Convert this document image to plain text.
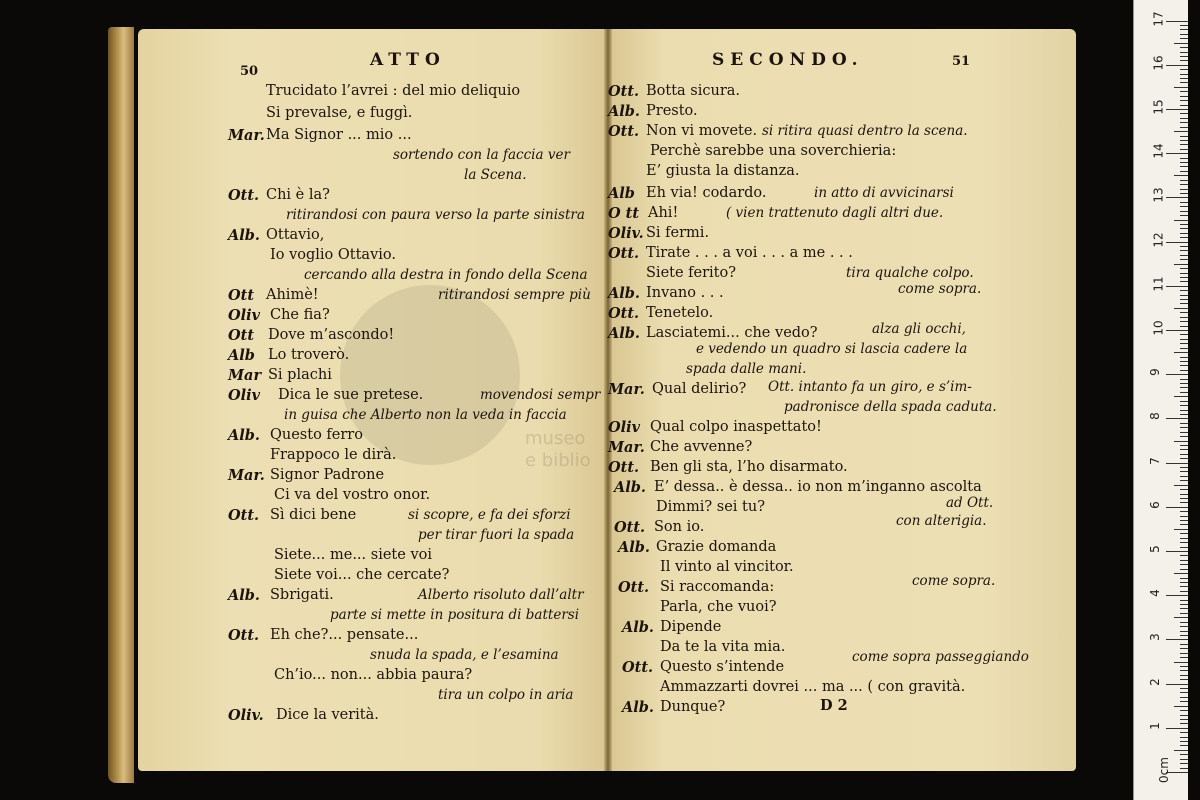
museo
e biblio
50
ATTO	SECONDO.	51
D 2
Trucidato l’avrei : del mio deliquio
Si prevalse, e fuggì.
Mar. Ma Signor ... mio ...
sortendo con la faccia ver
la Scena.
Ott. Chi è la?
ritirandosi con paura verso la parte sinistra
Alb. Ottavio,
Io voglio Ottavio.
cercando alla destra in fondo della Scena
Ott Ahimè!	ritirandosi sempre più
Oliv Che fia?
Ott Dove m’ascondo!
Alb Lo troverò.
Mar Si plachi
Oliv Dica le sue pretese.	movendosi sempr
in guisa che Alberto non la veda in faccia
Alb. Questo ferro
Frappoco le dirà.
Mar. Signor Padrone
Ci va del vostro onor.
Ott. Sì dici bene	si scopre, e fa dei sforzi
per tirar fuori la spada
Siete... me... siete voi
Siete voi... che cercate?
Alb. Sbrigati.	Alberto risoluto dall’altr
parte si mette in positura di battersi
Ott. Eh che?... pensate...
snuda la spada, e l’esamina
Ch’io... non... abbia paura?
tira un colpo in aria
Oliv. Dice la verità.
Ott. Botta sicura.
Alb. Presto.
Ott. Non vi movete. si ritira quasi dentro la scena.
Perchè sarebbe una soverchieria:
E’ giusta la distanza.
Alb Eh via! codardo.	in atto di avvicinarsi
O tt Ahi!	( vien trattenuto dagli altri due.
Oliv. Si fermi.
Ott. Tirate . . . a voi . . . a me . . .
Siete ferito?	tira qualche colpo.
Alb. Invano . . .	come sopra.
Ott. Tenetelo.
Alb. Lasciatemi... che vedo?	alza gli occhi,
e vedendo un quadro si lascia cadere la
spada dalle mani.
Mar. Qual delirio? Ott. intanto fa un giro, e s’im-
padronisce della spada caduta.
Oliv Qual colpo inaspettato!
Mar. Che avvenne?
Ott. Ben gli sta, l’ho disarmato.
Alb. E’ dessa.. è dessa.. io non m’inganno ascolta
Dimmi? sei tu?	ad Ott.
Ott. Son io.	con alterigia.
Alb. Grazie domanda
Il vinto al vincitor.
Ott. Si raccomanda:	come sopra.
Parla, che vuoi?
Alb. Dipende
Da te la vita mia.
Ott. Questo s’intende
come sopra passeggiando
Ammazzarti dovrei ... ma ... ( con gravità.
Alb. Dunque?
0cm
1
2
3
4
5
6
7
8
9
10
11
12
13
14
15
16
17
